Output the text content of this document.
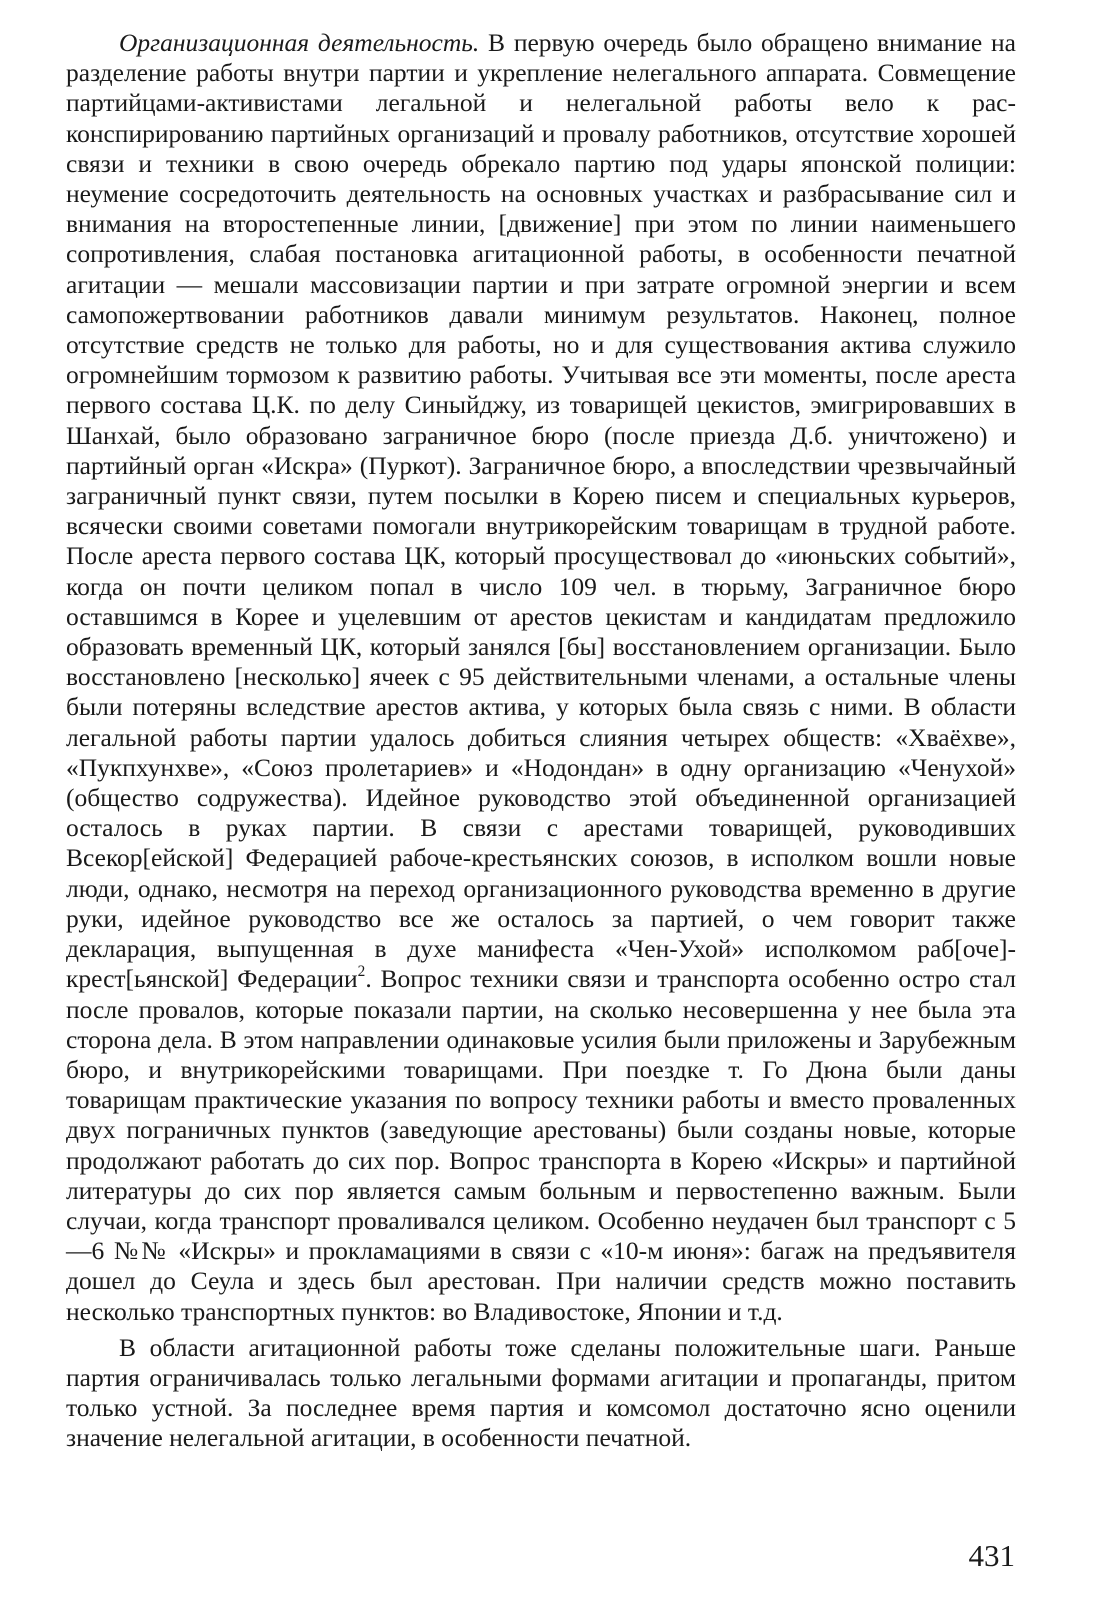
Организационная деятельность. В первую очередь было обращено внимание на разделение работы внутри партии и укрепление нелегального аппарата. Совмещение партийцами-активистами легальной и нелегальной работы вело к расконспирированию партийных организаций и провалу работников, отсутствие хорошей связи и техники в свою очередь обрекало партию под удары японской полиции: неумение сосредоточить деятельность на основных участках и разбрасывание сил и внимания на второстепенные линии, [движение] при этом по линии наименьшего сопротивления, слабая постановка агитационной работы, в особенности печатной агитации — мешали массовизации партии и при затрате огромной энергии и всем самопожертвовании работников давали минимум результатов. Наконец, полное отсутствие средств не только для работы, но и для существования актива служило огромнейшим тормозом к развитию работы. Учитывая все эти моменты, после ареста первого состава Ц.К. по делу Синыйджу, из товарищей цекистов, эмигрировавших в Шанхай, было образовано заграничное бюро (после приезда Д.б. уничтожено) и партийный орган «Искра» (Пуркот). Заграничное бюро, а впоследствии чрезвычайный заграничный пункт связи, путем посылки в Корею писем и специальных курьеров, всячески своими советами помогали внутрикорейским товарищам в трудной работе. После ареста первого состава ЦК, который просуществовал до «июньских событий», когда он почти целиком попал в число 109 чел. в тюрьму, Заграничное бюро оставшимся в Корее и уцелевшим от арестов цекистам и кандидатам предложило образовать временный ЦК, который занялся [бы] восстановлением организации. Было восстановлено [несколько] ячеек с 95 действительными членами, а остальные члены были потеряны вследствие арестов актива, у которых была связь с ними. В области легальной работы партии удалось добиться слияния четырех обществ: «Хваёхве», «Пукпхунхве», «Союз пролетариев» и «Нодондан» в одну организацию «Ченухой» (общество содружества). Идейное руководство этой объединенной организацией осталось в руках партии. В связи с арестами товарищей, руководивших Всекор[ейской] Федерацией рабоче-крестьянских союзов, в исполком вошли новые люди, однако, несмотря на переход организационного руководства временно в другие руки, идейное руководство все же осталось за партией, о чем говорит также декларация, выпущенная в духе манифеста «Чен-Ухой» исполкомом раб[оче]-крест[ьянской] Федерации$^2$. Вопрос техники связи и транспорта особенно остро стал после провалов, которые показали партии, на сколько несовершенна у нее была эта сторона дела. В этом направлении одинаковые усилия были приложены и Зарубежным бюро, и внутрикорейскими товарищами. При поездке т. Го Дюна были даны товарищам практические указания по вопросу техники работы и вместо проваленных двух пограничных пунктов (заведующие арестованы) были созданы новые, которые продолжают работать до сих пор. Вопрос транспорта в Корею «Искры» и партийной литературы до сих пор является самым больным и первостепенно важным. Были случаи, когда транспорт проваливался целиком. Особенно неудачен был транспорт с 5—6 №№ «Искры» и прокламациями в связи с «10-м июня»: багаж на предъявителя дошел до Сеула и здесь был арестован. При наличии средств можно поставить несколько транспортных пунктов: во Владивостоке, Японии и т.д.

В области агитационной работы тоже сделаны положительные шаги. Раньше партия ограничивалась только легальными формами агитации и пропаганды, притом только устной. За последнее время партия и комсомол достаточно ясно оценили значение нелегальной агитации, в особенности печатной.

431
